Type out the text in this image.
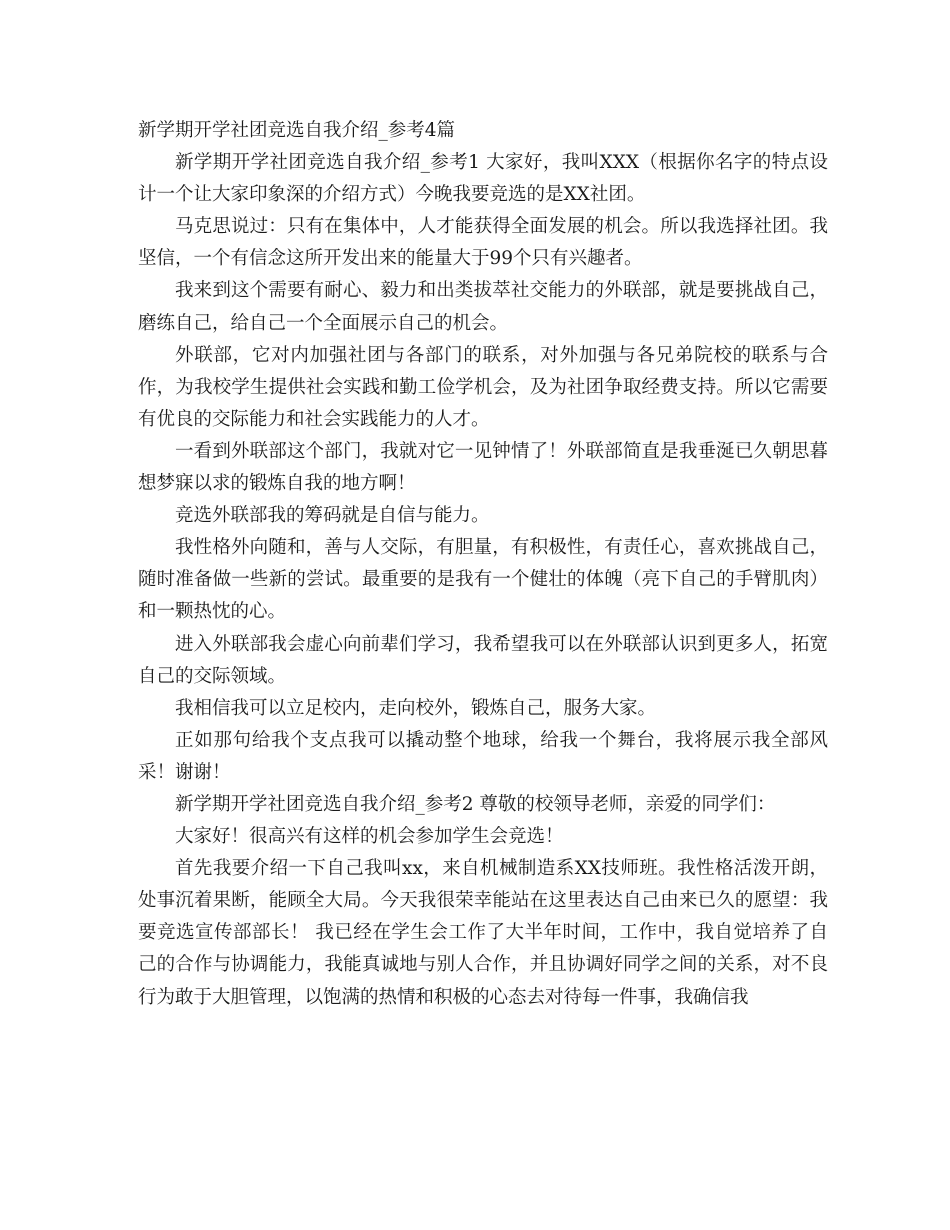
新学期开学社团竞选自我介绍_参考4篇

新学期开学社团竞选自我介绍_参考1 大家好，我叫XXX（根据你名字的特点设计一个让大家印象深的介绍方式）今晚我要竞选的是XX社团。

马克思说过：只有在集体中，人才能获得全面发展的机会。所以我选择社团。我坚信，一个有信念这所开发出来的能量大于99个只有兴趣者。

我来到这个需要有耐心、毅力和出类拔萃社交能力的外联部，就是要挑战自己，磨练自己，给自己一个全面展示自己的机会。

外联部，它对内加强社团与各部门的联系，对外加强与各兄弟院校的联系与合作，为我校学生提供社会实践和勤工俭学机会，及为社团争取经费支持。所以它需要有优良的交际能力和社会实践能力的人才。

一看到外联部这个部门，我就对它一见钟情了！外联部简直是我垂涎已久朝思暮想梦寐以求的锻炼自我的地方啊！

竞选外联部我的筹码就是自信与能力。

我性格外向随和，善与人交际，有胆量，有积极性，有责任心，喜欢挑战自己，随时准备做一些新的尝试。最重要的是我有一个健壮的体魄（亮下自己的手臂肌肉）和一颗热忱的心。

进入外联部我会虚心向前辈们学习，我希望我可以在外联部认识到更多人，拓宽自己的交际领域。

我相信我可以立足校内，走向校外，锻炼自己，服务大家。

正如那句给我个支点我可以撬动整个地球，给我一个舞台，我将展示我全部风采！谢谢！

新学期开学社团竞选自我介绍_参考2 尊敬的校领导老师，亲爱的同学们：

大家好！很高兴有这样的机会参加学生会竞选！

首先我要介绍一下自己我叫xx，来自机械制造系XX技师班。我性格活泼开朗，处事沉着果断，能顾全大局。今天我很荣幸能站在这里表达自己由来已久的愿望：我要竞选宣传部部长！ 我已经在学生会工作了大半年时间，工作中，我自觉培养了自己的合作与协调能力，我能真诚地与别人合作，并且协调好同学之间的关系，对不良行为敢于大胆管理，以饱满的热情和积极的心态去对待每一件事，我确信我
